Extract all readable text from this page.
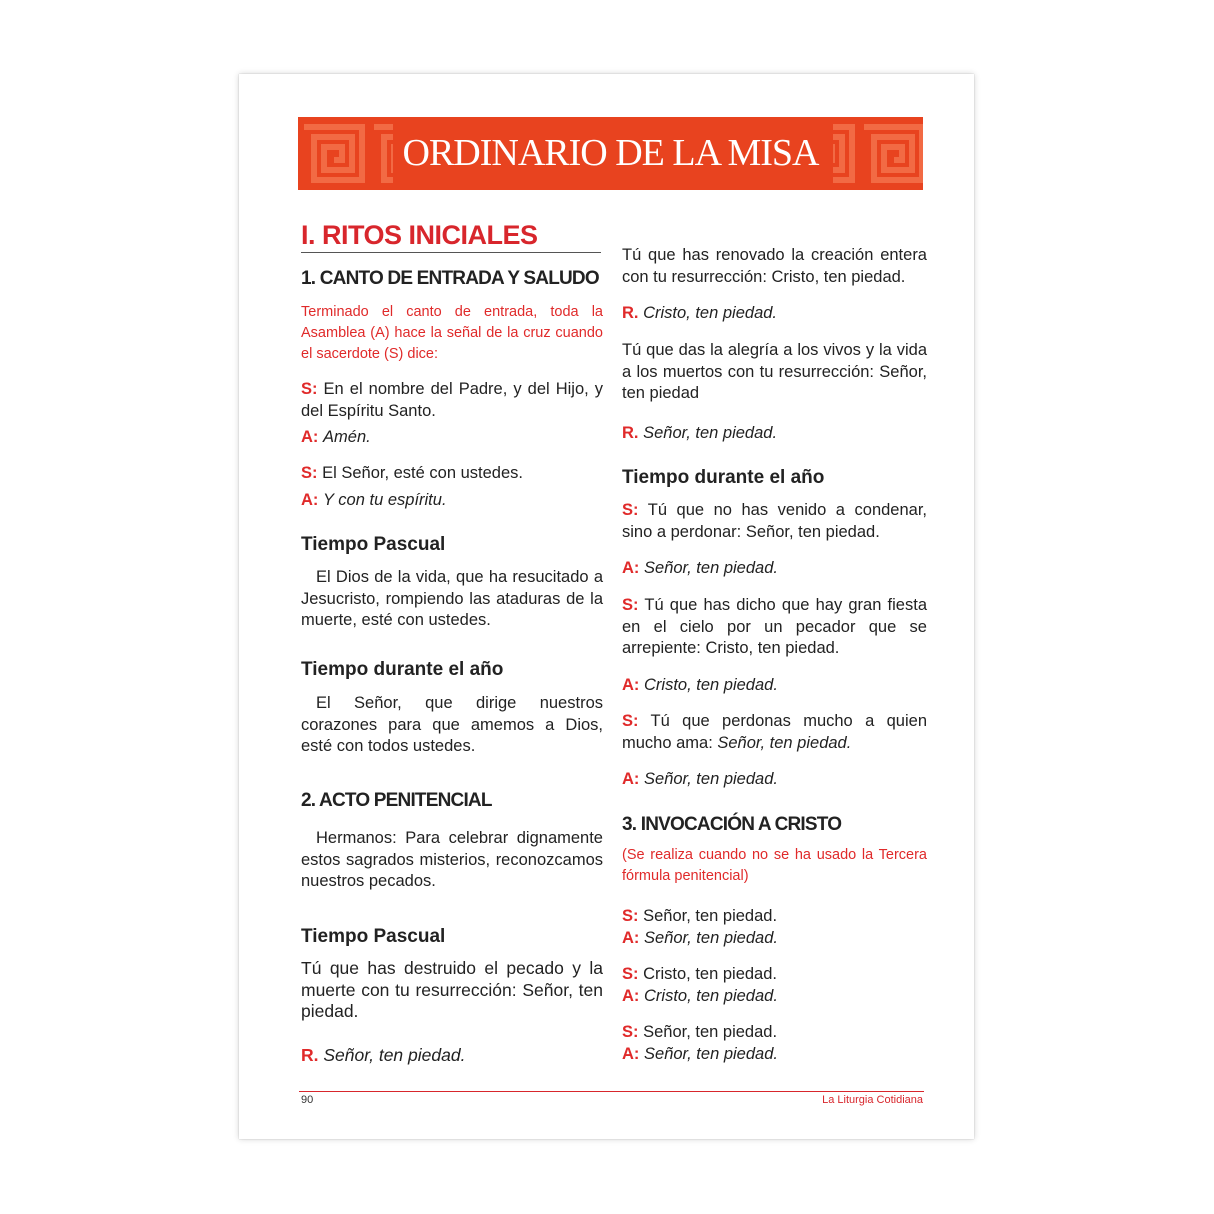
ORDINARIO DE LA MISA
I. RITOS INICIALES
1. CANTO DE ENTRADA Y SALUDO
Terminado el canto de entrada, toda la Asamblea (A) hace la señal de la cruz cuando el sacerdote (S) dice:
S: En el nombre del Padre, y del Hijo, y del Espíritu Santo.
A: Amén.
S: El Señor, esté con ustedes.
A: Y con tu espíritu.
Tiempo Pascual
El Dios de la vida, que ha resucitado a Jesucristo, rompiendo las ataduras de la muerte, esté con ustedes.
Tiempo durante el año
El Señor, que dirige nuestros corazones para que amemos a Dios, esté con todos ustedes.
2. ACTO PENITENCIAL
Hermanos: Para celebrar dignamente estos sagrados misterios, reconozcamos nuestros pecados.
Tiempo Pascual
Tú que has destruido el pecado y la muerte con tu resurrección: Señor, ten piedad.
R. Señor, ten piedad.
Tú que has renovado la creación entera con tu resurrección: Cristo, ten piedad.
R. Cristo, ten piedad.
Tú que das la alegría a los vivos y la vida a los muertos con tu resurrección: Señor, ten piedad
R. Señor, ten piedad.
Tiempo durante el año
S: Tú que no has venido a condenar, sino a perdonar: Señor, ten piedad.
A: Señor, ten piedad.
S: Tú que has dicho que hay gran fiesta en el cielo por un pecador que se arrepiente: Cristo, ten piedad.
A: Cristo, ten piedad.
S: Tú que perdonas mucho a quien mucho ama: Señor, ten piedad.
A: Señor, ten piedad.
3. INVOCACIÓN A CRISTO
(Se realiza cuando no se ha usado la Tercera fórmula penitencial)
S: Señor, ten piedad.
A: Señor, ten piedad.
S: Cristo, ten piedad.
A: Cristo, ten piedad.
S: Señor, ten piedad.
A: Señor, ten piedad.
90	La Liturgia Cotidiana
